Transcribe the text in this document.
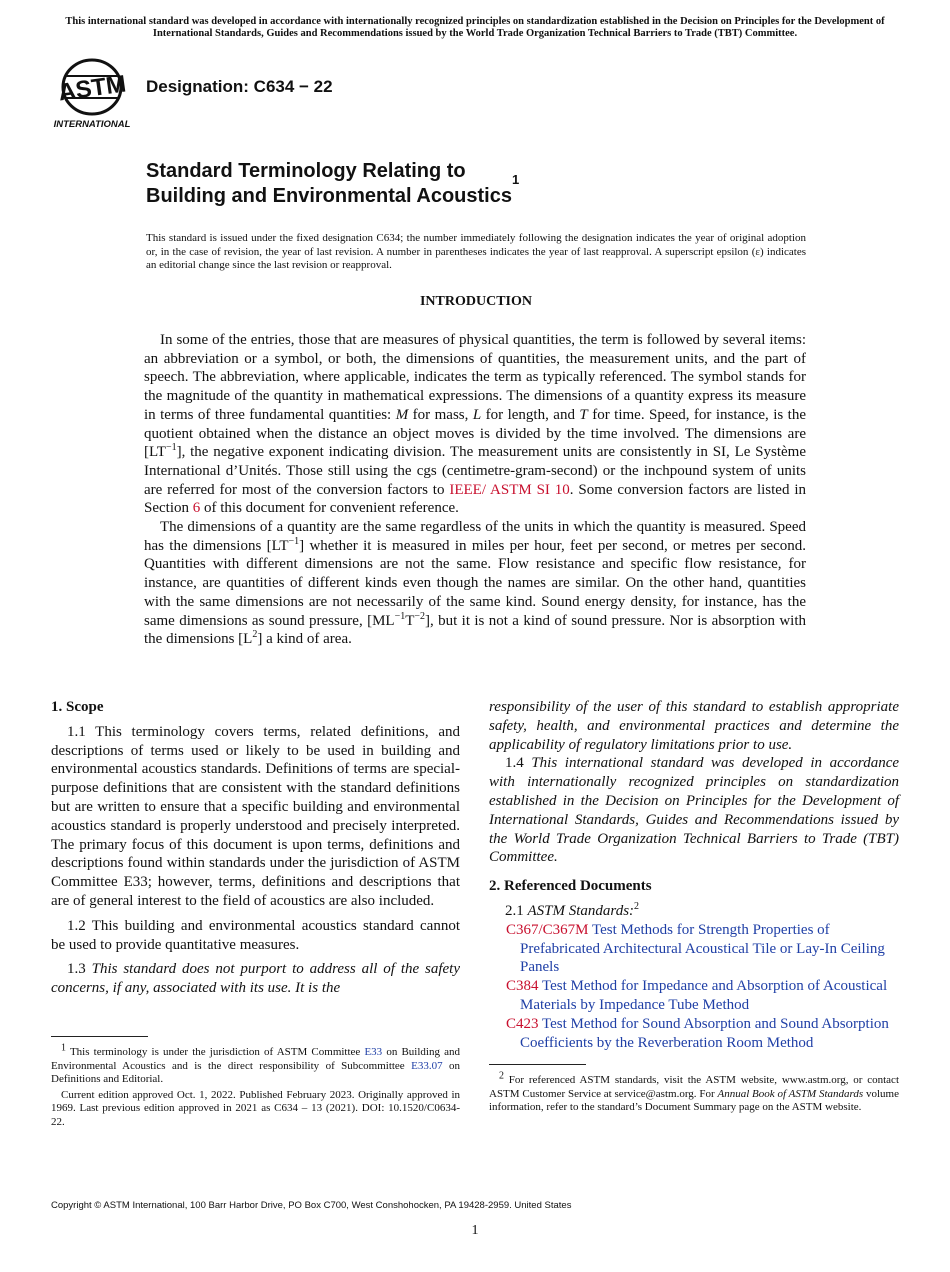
This international standard was developed in accordance with internationally recognized principles on standardization established in the Decision on Principles for the Development of International Standards, Guides and Recommendations issued by the World Trade Organization Technical Barriers to Trade (TBT) Committee.
ASTM
INTERNATIONAL
Designation: C634 − 22
Standard Terminology Relating to
Building and Environmental Acoustics$^1$
This standard is issued under the fixed designation C634; the number immediately following the designation indicates the year of original adoption or, in the case of revision, the year of last revision. A number in parentheses indicates the year of last reapproval. A superscript epsilon (ε) indicates an editorial change since the last revision or reapproval.
INTRODUCTION

In some of the entries, those that are measures of physical quantities, the term is followed by several items: an abbreviation or a symbol, or both, the dimensions of quantities, the measurement units, and the part of speech. The abbreviation, where applicable, indicates the term as typically referenced. The symbol stands for the magnitude of the quantity in mathematical expressions. The dimensions of a quantity express its measure in terms of three fundamental quantities: M for mass, L for length, and T for time. Speed, for instance, is the quotient obtained when the distance an object moves is divided by the time involved. The dimensions are $[LT^{-1}]$, the negative exponent indicating division. The measurement units are consistently in SI, Le Système International d’Unités. Those still using the cgs (centimetre-gram-second) or the inchpound system of units are referred for most of the conversion factors to IEEE/ ASTM SI 10. Some conversion factors are listed in Section 6 of this document for convenient reference.

The dimensions of a quantity are the same regardless of the units in which the quantity is measured. Speed has the dimensions $[LT^{-1}]$ whether it is measured in miles per hour, feet per second, or metres per second. Quantities with different dimensions are not the same. Flow resistance and specific flow resistance, for instance, are quantities of different kinds even though the names are similar. On the other hand, quantities with the same dimensions are not necessarily of the same kind. Sound energy density, for instance, has the same dimensions as sound pressure, $[ML^{-1}T^{-2}]$, but it is not a kind of sound pressure. Nor is absorption with the dimensions $[L^2]$ a kind of area.

1. Scope

1.1 This terminology covers terms, related definitions, and descriptions of terms used or likely to be used in building and environmental acoustics standards. Definitions of terms are special-purpose definitions that are consistent with the standard definitions but are written to ensure that a specific building and environmental acoustics standard is properly understood and precisely interpreted. The primary focus of this document is upon terms, definitions and descriptions found within standards under the jurisdiction of ASTM Committee E33; however, terms, definitions and descriptions that are of general interest to the field of acoustics are also included.

1.2 This building and environmental acoustics standard cannot be used to provide quantitative measures.

1.3 This standard does not purport to address all of the safety concerns, if any, associated with its use. It is the

$^1$ This terminology is under the jurisdiction of ASTM Committee E33 on Building and Environmental Acoustics and is the direct responsibility of Subcommittee E33.07 on Definitions and Editorial.

Current edition approved Oct. 1, 2022. Published February 2023. Originally approved in 1969. Last previous edition approved in 2021 as C634 – 13 (2021). DOI: 10.1520/C0634-22.

responsibility of the user of this standard to establish appropriate safety, health, and environmental practices and determine the applicability of regulatory limitations prior to use.

1.4 This international standard was developed in accordance with internationally recognized principles on standardization established in the Decision on Principles for the Development of International Standards, Guides and Recommendations issued by the World Trade Organization Technical Barriers to Trade (TBT) Committee.

2. Referenced Documents

2.1 ASTM Standards:$^2$

C367/C367M Test Methods for Strength Properties of Prefabricated Architectural Acoustical Tile or Lay-In Ceiling Panels

C384 Test Method for Impedance and Absorption of Acoustical Materials by Impedance Tube Method

C423 Test Method for Sound Absorption and Sound Absorption Coefficients by the Reverberation Room Method

$^2$ For referenced ASTM standards, visit the ASTM website, www.astm.org, or contact ASTM Customer Service at service@astm.org. For Annual Book of ASTM Standards volume information, refer to the standard’s Document Summary page on the ASTM website.

Copyright © ASTM International, 100 Barr Harbor Drive, PO Box C700, West Conshohocken, PA 19428-2959. United States
1
